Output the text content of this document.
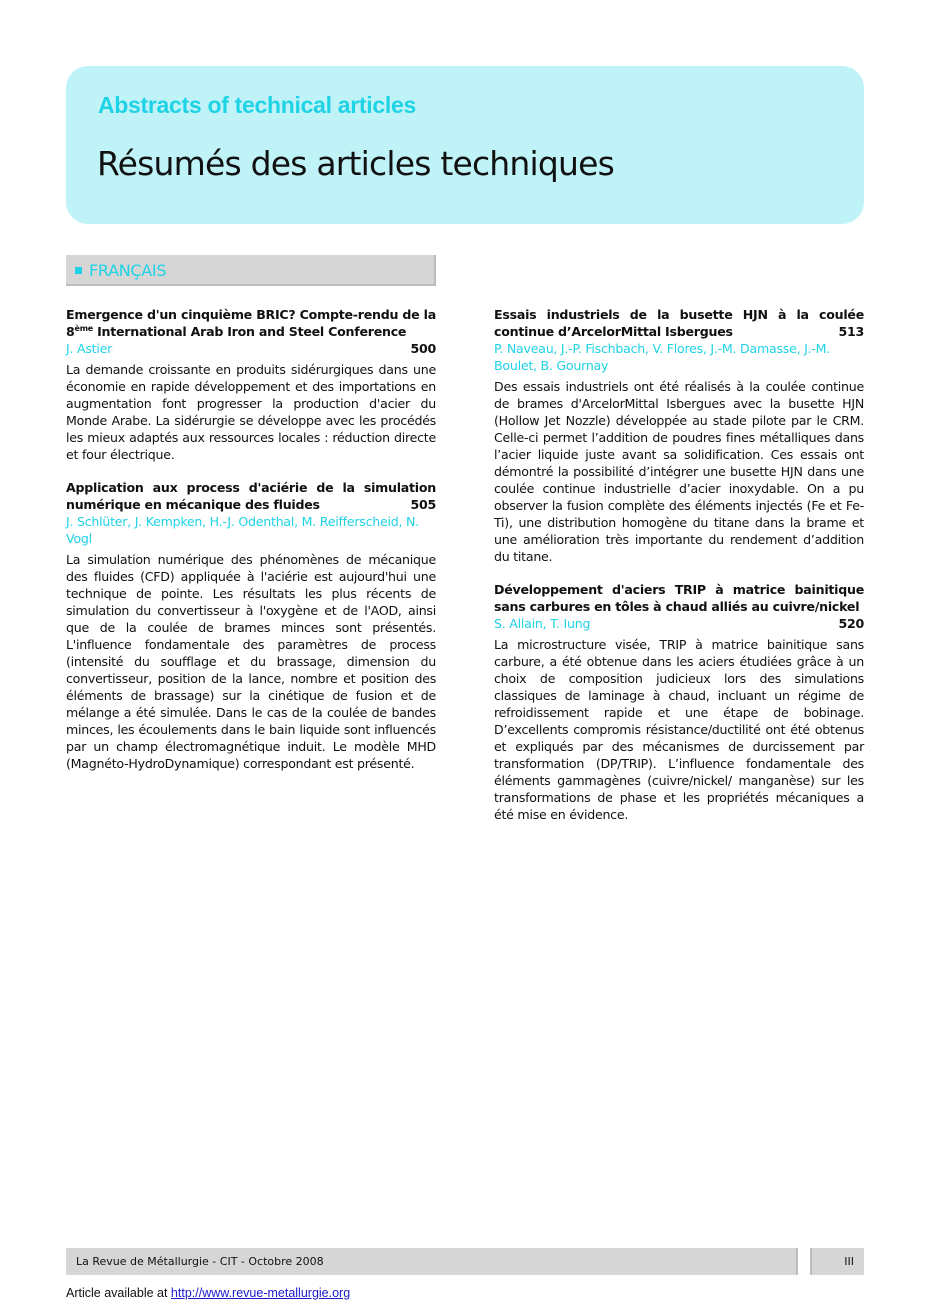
Abstracts of technical articles
Résumés des articles techniques
FRANÇAIS

Emergence d'un cinquième BRIC? Compte-rendu de la 8ème International Arab Iron and Steel Conference
500

J. Astier

La demande croissante en produits sidérurgiques dans une économie en rapide développement et des importations en augmentation font progresser la production d'acier du Monde Arabe. La sidérurgie se développe avec les procédés les mieux adaptés aux ressources locales : réduction directe et four électrique.

Application aux process d'aciérie de la simulation numérique en mécanique des fluides	505

J. Schlüter, J. Kempken, H.-J. Odenthal, M. Reifferscheid, N. Vogl

La simulation numérique des phénomènes de mécanique des fluides (CFD) appliquée à l'aciérie est aujourd'hui une technique de pointe. Les résultats les plus récents de simulation du convertisseur à l'oxygène et de l'AOD, ainsi que de la coulée de brames minces sont présentés. L'influence fondamentale des paramètres de process (intensité du soufflage et du brassage, dimension du convertisseur, position de la lance, nombre et position des éléments de brassage) sur la cinétique de fusion et de mélange a été simulée. Dans le cas de la coulée de bandes minces, les écoulements dans le bain liquide sont influencés par un champ électromagnétique induit. Le modèle MHD (Magnéto-HydroDynamique) correspondant est présenté.

Essais industriels de la busette HJN à la coulée continue d’ArcelorMittal Isbergues	513

P. Naveau, J.-P. Fischbach, V. Flores, J.-M. Damasse, J.-M. Boulet, B. Gournay

Des essais industriels ont été réalisés à la coulée continue de brames d'ArcelorMittal Isbergues avec la busette HJN (Hollow Jet Nozzle) développée au stade pilote par le CRM. Celle-ci permet l’addition de poudres fines métalliques dans l’acier liquide juste avant sa solidification. Ces essais ont démontré la possibilité d’intégrer une busette HJN dans une coulée continue industrielle d’acier inoxydable. On a pu observer la fusion complète des éléments injectés (Fe et Fe-Ti), une distribution homogène du titane dans la brame et une amélioration très importante du rendement d’addition du titane.

Développement d'aciers TRIP à matrice bainitique sans carbures en tôles à chaud alliés au cuivre/nickel
520

S. Allain, T. Iung

La microstructure visée, TRIP à matrice bainitique sans carbure, a été obtenue dans les aciers étudiées grâce à un choix de composition judicieux lors des simulations classiques de laminage à chaud, incluant un régime de refroidissement rapide et une étape de bobinage. D’excellents compromis résistance/ductilité ont été obtenus et expliqués par des mécanismes de durcissement par transformation (DP/TRIP). L’influence fondamentale des éléments gammagènes (cuivre/nickel/ manganèse) sur les transformations de phase et les propriétés mécaniques a été mise en évidence.

La Revue de Métallurgie - CIT - Octobre 2008	III
Article available at http://www.revue-metallurgie.org
